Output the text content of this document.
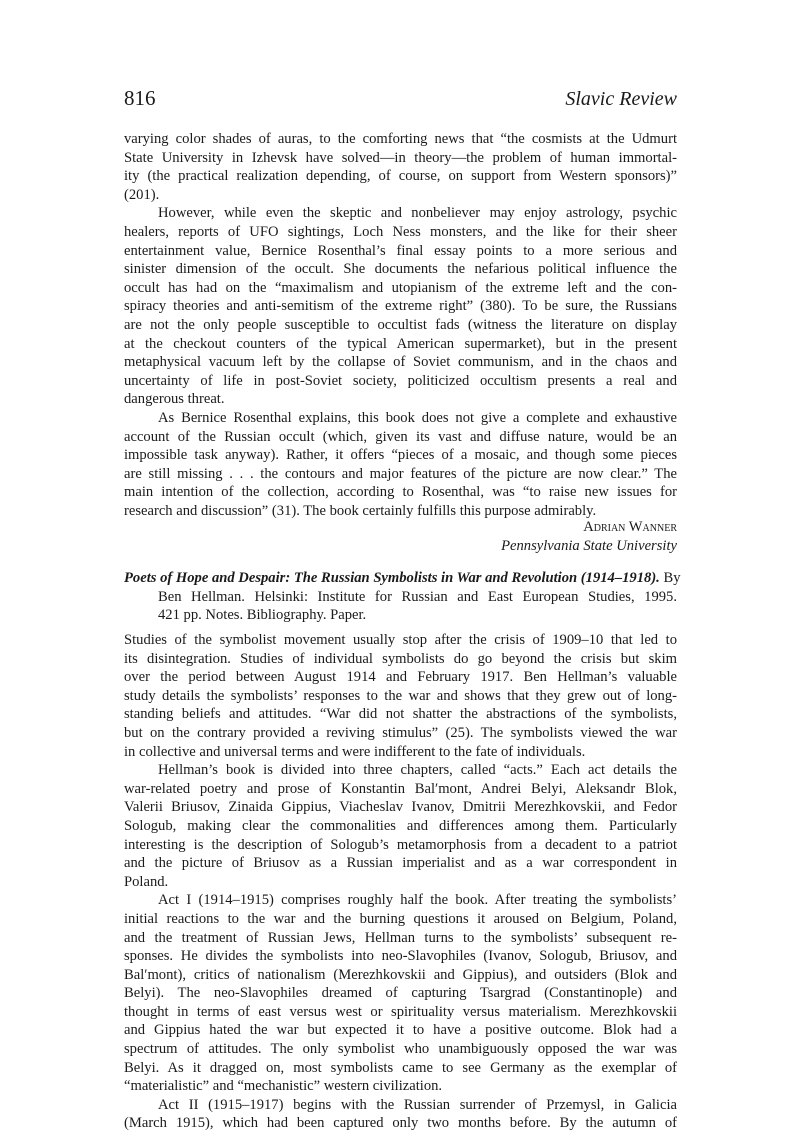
816	Slavic Review
varying color shades of auras, to the comforting news that “the cosmists at the Udmurt
State University in Izhevsk have solved—in theory—the problem of human immortal-
ity (the practical realization depending, of course, on support from Western sponsors)”
(201).
However, while even the skeptic and nonbeliever may enjoy astrology, psychic
healers, reports of UFO sightings, Loch Ness monsters, and the like for their sheer
entertainment value, Bernice Rosenthal’s final essay points to a more serious and
sinister dimension of the occult. She documents the nefarious political influence the
occult has had on the “maximalism and utopianism of the extreme left and the con-
spiracy theories and anti-semitism of the extreme right” (380). To be sure, the Russians
are not the only people susceptible to occultist fads (witness the literature on display
at the checkout counters of the typical American supermarket), but in the present
metaphysical vacuum left by the collapse of Soviet communism, and in the chaos and
uncertainty of life in post-Soviet society, politicized occultism presents a real and
dangerous threat.
As Bernice Rosenthal explains, this book does not give a complete and exhaustive
account of the Russian occult (which, given its vast and diffuse nature, would be an
impossible task anyway). Rather, it offers “pieces of a mosaic, and though some pieces
are still missing . . . the contours and major features of the picture are now clear.” The
main intention of the collection, according to Rosenthal, was “to raise new issues for
research and discussion” (31). The book certainly fulfills this purpose admirably.
Adrian Wanner
Pennsylvania State University
Poets of Hope and Despair: The Russian Symbolists in War and Revolution (1914–1918). By
Ben Hellman. Helsinki: Institute for Russian and East European Studies, 1995.
421 pp. Notes. Bibliography. Paper.
Studies of the symbolist movement usually stop after the crisis of 1909–10 that led to
its disintegration. Studies of individual symbolists do go beyond the crisis but skim
over the period between August 1914 and February 1917. Ben Hellman’s valuable
study details the symbolists’ responses to the war and shows that they grew out of long-
standing beliefs and attitudes. “War did not shatter the abstractions of the symbolists,
but on the contrary provided a reviving stimulus” (25). The symbolists viewed the war
in collective and universal terms and were indifferent to the fate of individuals.
Hellman’s book is divided into three chapters, called “acts.” Each act details the
war-related poetry and prose of Konstantin Bal′mont, Andrei Belyi, Aleksandr Blok,
Valerii Briusov, Zinaida Gippius, Viacheslav Ivanov, Dmitrii Merezhkovskii, and Fedor
Sologub, making clear the commonalities and differences among them. Particularly
interesting is the description of Sologub’s metamorphosis from a decadent to a patriot
and the picture of Briusov as a Russian imperialist and as a war correspondent in
Poland.
Act I (1914–1915) comprises roughly half the book. After treating the symbolists’
initial reactions to the war and the burning questions it aroused on Belgium, Poland,
and the treatment of Russian Jews, Hellman turns to the symbolists’ subsequent re-
sponses. He divides the symbolists into neo-Slavophiles (Ivanov, Sologub, Briusov, and
Bal′mont), critics of nationalism (Merezhkovskii and Gippius), and outsiders (Blok and
Belyi). The neo-Slavophiles dreamed of capturing Tsargrad (Constantinople) and
thought in terms of east versus west or spirituality versus materialism. Merezhkovskii
and Gippius hated the war but expected it to have a positive outcome. Blok had a
spectrum of attitudes. The only symbolist who unambiguously opposed the war was
Belyi. As it dragged on, most symbolists came to see Germany as the exemplar of
“materialistic” and “mechanistic” western civilization.
Act II (1915–1917) begins with the Russian surrender of Przemysl, in Galicia
(March 1915), which had been captured only two months before. By the autumn of
